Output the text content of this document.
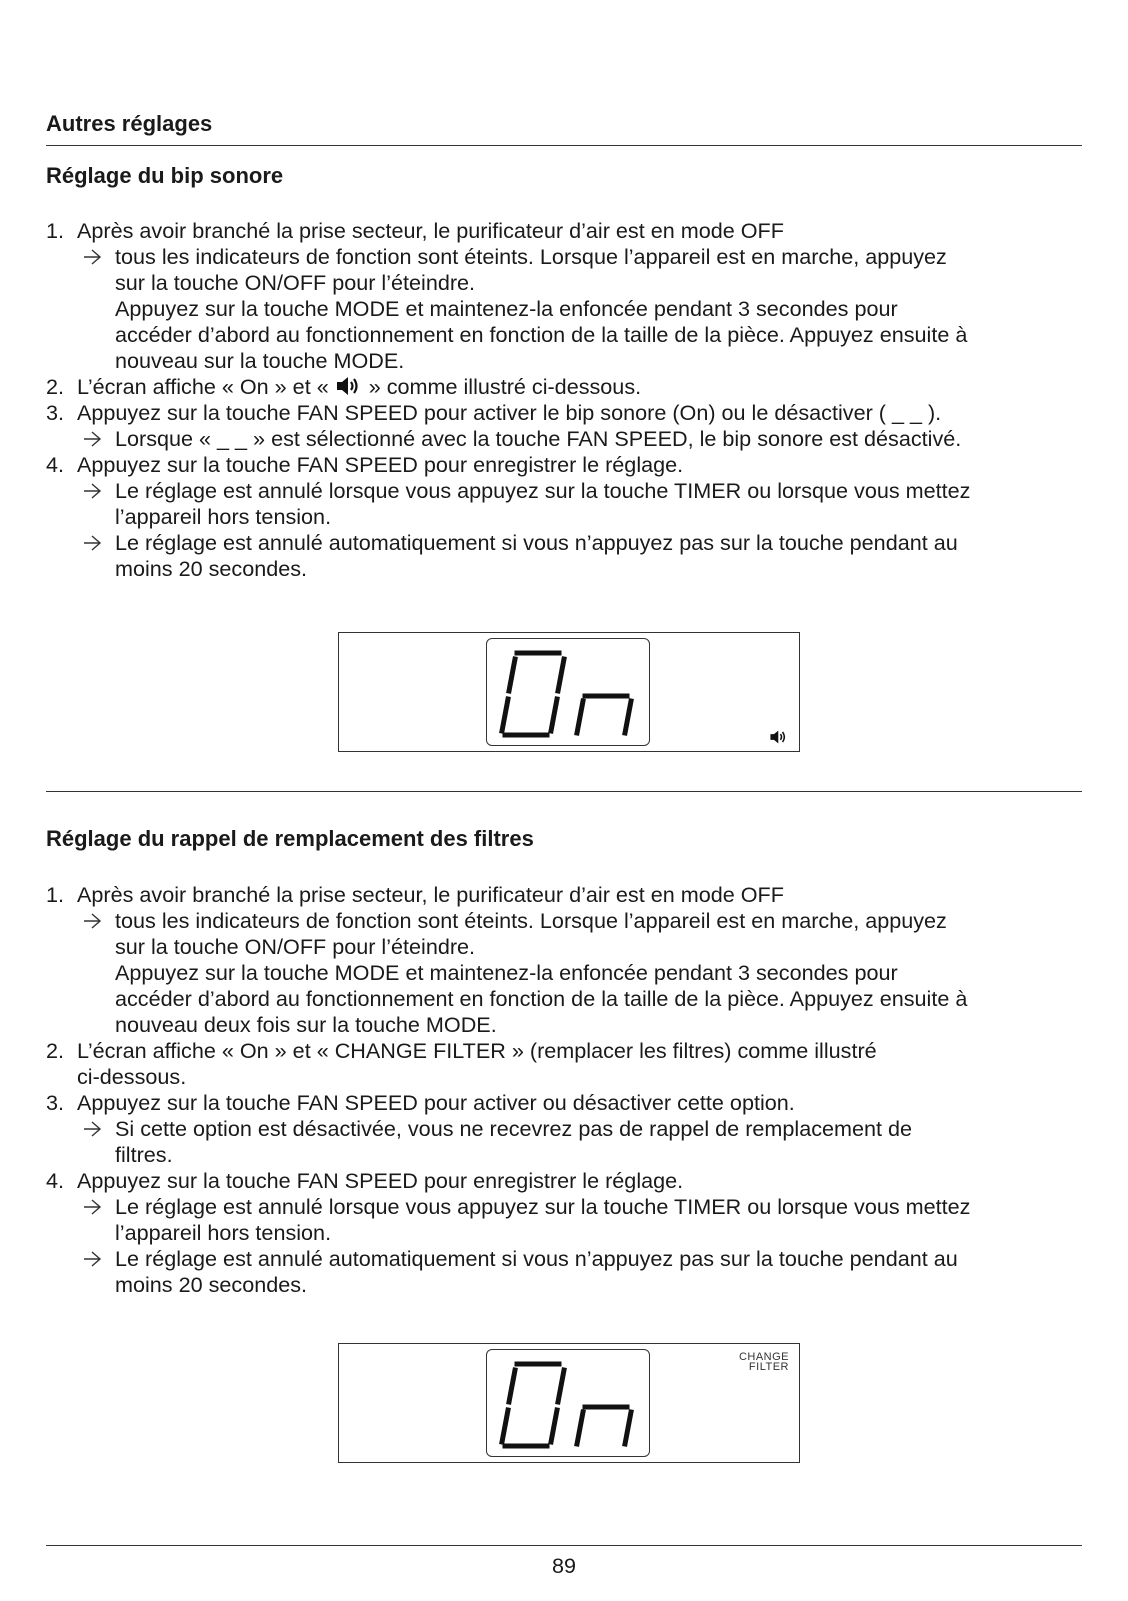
Autres réglages
Réglage du bip sonore
1. Après avoir branché la prise secteur, le purificateur d’air est en mode OFF
tous les indicateurs de fonction sont éteints. Lorsque l’appareil est en marche, appuyez
sur la touche ON/OFF pour l’éteindre.
Appuyez sur la touche MODE et maintenez-la enfoncée pendant 3 secondes pour
accéder d’abord au fonctionnement en fonction de la taille de la pièce. Appuyez ensuite à
nouveau sur la touche MODE.
2. L’écran affiche « On » et «  » comme illustré ci-dessous.
3. Appuyez sur la touche FAN SPEED pour activer le bip sonore (On) ou le désactiver ( _ _ ).
Lorsque « _ _ » est sélectionné avec la touche FAN SPEED, le bip sonore est désactivé.
4. Appuyez sur la touche FAN SPEED pour enregistrer le réglage.
Le réglage est annulé lorsque vous appuyez sur la touche TIMER ou lorsque vous mettez
l’appareil hors tension.
Le réglage est annulé automatiquement si vous n’appuyez pas sur la touche pendant au
moins 20 secondes.
Réglage du rappel de remplacement des filtres
1. Après avoir branché la prise secteur, le purificateur d’air est en mode OFF
tous les indicateurs de fonction sont éteints. Lorsque l’appareil est en marche, appuyez
sur la touche ON/OFF pour l’éteindre.
Appuyez sur la touche MODE et maintenez-la enfoncée pendant 3 secondes pour
accéder d’abord au fonctionnement en fonction de la taille de la pièce. Appuyez ensuite à
nouveau deux fois sur la touche MODE.
2. L’écran affiche « On » et « CHANGE FILTER » (remplacer les filtres) comme illustré
ci-dessous.
3. Appuyez sur la touche FAN SPEED pour activer ou désactiver cette option.
Si cette option est désactivée, vous ne recevrez pas de rappel de remplacement de
filtres.
4. Appuyez sur la touche FAN SPEED pour enregistrer le réglage.
Le réglage est annulé lorsque vous appuyez sur la touche TIMER ou lorsque vous mettez
l’appareil hors tension.
Le réglage est annulé automatiquement si vous n’appuyez pas sur la touche pendant au
moins 20 secondes.
CHANGE
FILTER
89
